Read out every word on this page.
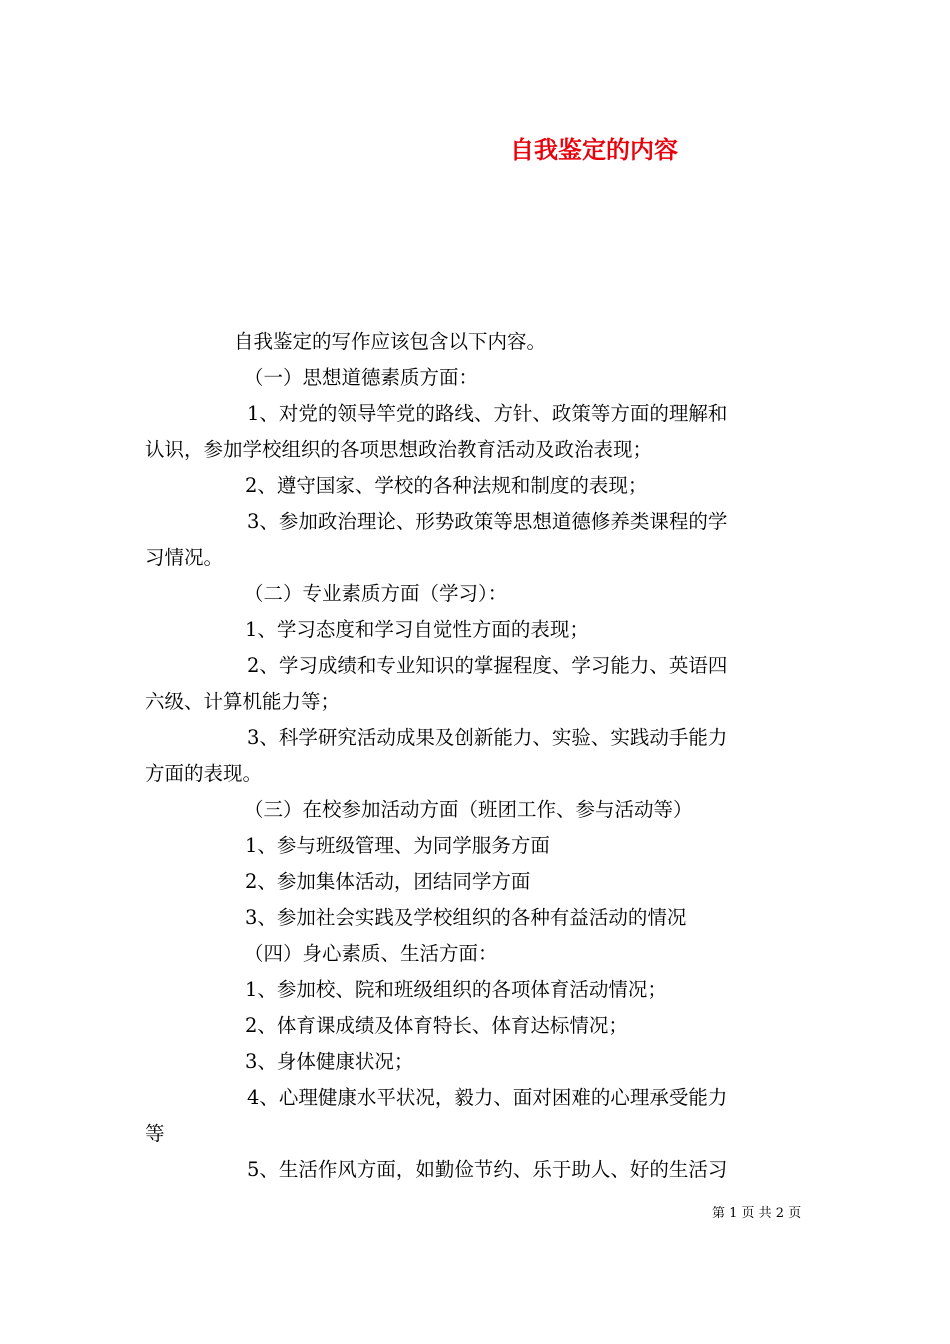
自我鉴定的内容
自我鉴定的写作应该包含以下内容。
（一）思想道德素质方面：
1、对党的领导竿党的路线、方针、政策等方面的理解和
认识，参加学校组织的各项思想政治教育活动及政治表现；
2、遵守国家、学校的各种法规和制度的表现；
3、参加政治理论、形势政策等思想道德修养类课程的学
习情况。
（二）专业素质方面（学习）：
1、学习态度和学习自觉性方面的表现；
2、学习成绩和专业知识的掌握程度、学习能力、英语四
六级、计算机能力等；
3、科学研究活动成果及创新能力、实验、实践动手能力
方面的表现。
（三）在校参加活动方面（班团工作、参与活动等）
1、参与班级管理、为同学服务方面
2、参加集体活动，团结同学方面
3、参加社会实践及学校组织的各种有益活动的情况
（四）身心素质、生活方面：
1、参加校、院和班级组织的各项体育活动情况；
2、体育课成绩及体育特长、体育达标情况；
3、身体健康状况；
4、心理健康水平状况，毅力、面对困难的心理承受能力
等
5、生活作风方面，如勤俭节约、乐于助人、好的生活习
第 1 页 共 2 页
